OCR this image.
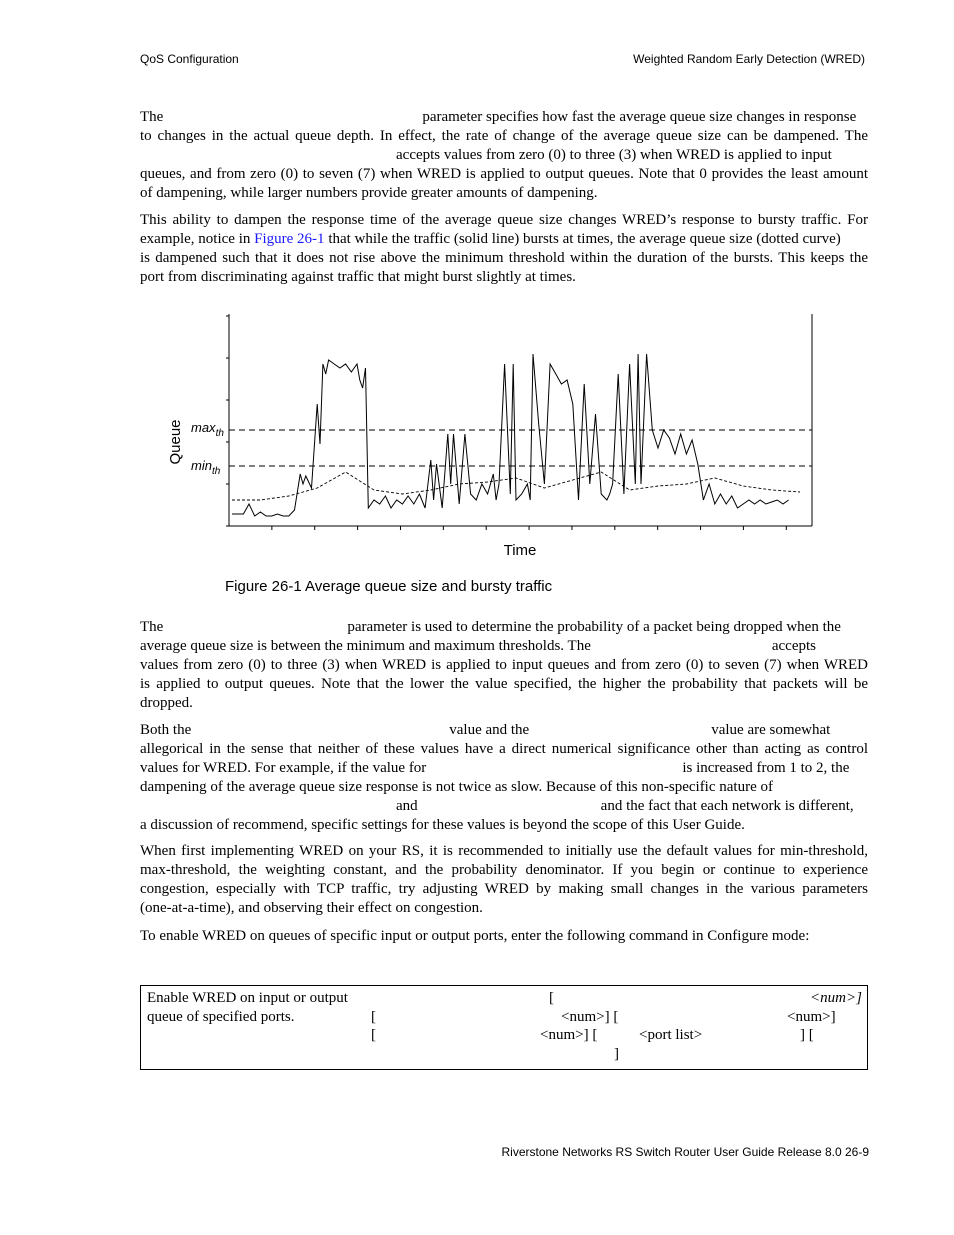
QoS Configuration	Weighted Random Early Detection (WRED)
The	parameter specifies how fast the average queue size changes in response
to changes in the actual queue depth. In effect, the rate of change of the average queue size can be dampened. The
accepts values from zero (0) to three (3) when WRED is applied to input
queues, and from zero (0) to seven (7) when WRED is applied to output queues. Note that 0 provides the least amount
of dampening, while larger numbers provide greater amounts of dampening.
This ability to dampen the response time of the average queue size changes WRED’s response to bursty traffic. For
example, notice in Figure 26-1 that while the traffic (solid line) bursts at times, the average queue size (dotted curve)
is dampened such that it does not rise above the minimum threshold within the duration of the bursts. This keeps the
port from discriminating against traffic that might burst slightly at times.
Queue
Time
$\max_{th}$
$\min_{th}$
Figure 26-1 Average queue size and bursty traffic
The	parameter is used to determine the probability of a packet being dropped when the
average queue size is between the minimum and maximum thresholds. The	accepts
values from zero (0) to three (3) when WRED is applied to input queues and from zero (0) to seven (7) when WRED
is applied to output queues. Note that the lower the value specified, the higher the probability that packets will be
dropped.
Both the	value and the	value are somewhat
allegorical in the sense that neither of these values have a direct numerical significance other than acting as control
values for WRED. For example, if the value for	is increased from 1 to 2, the
dampening of the average queue size response is not twice as slow. Because of this non-specific nature of
and	and the fact that each network is different,
a discussion of recommend, specific settings for these values is beyond the scope of this User Guide.
When first implementing WRED on your RS, it is recommended to initially use the default values for min-threshold,
max-threshold, the weighting constant, and the probability denominator. If you begin or continue to experience
congestion, especially with TCP traffic, try adjusting WRED by making small changes in the various parameters
(one-at-a-time), and observing their effect on congestion.
To enable WRED on queues of specific input or output ports, enter the following command in Configure mode:
Enable WRED on input or output
queue of specified ports.
[	<num>]
[	<num>] [	<num>]
[	<num>] [	<port list>	] [
]
Riverstone Networks RS Switch Router User Guide Release 8.0 26-9
